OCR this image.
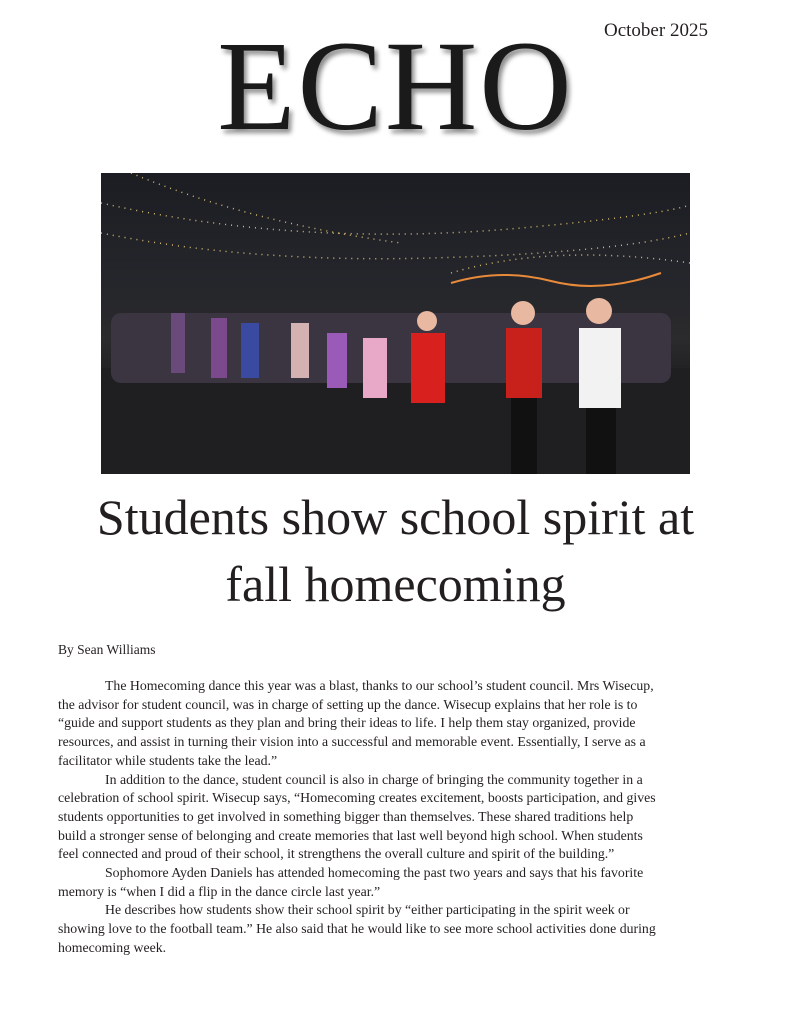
October 2025
ECHO
Students show school spirit at
fall homecoming
By Sean Williams
The Homecoming dance this year was a blast, thanks to our school’s student council. Mrs Wisecup,
the advisor for student council, was in charge of setting up the dance. Wisecup explains that her role is to
“guide and support students as they plan and bring their ideas to life. I help them stay organized, provide
resources, and assist in turning their vision into a successful and memorable event. Essentially, I serve as a
facilitator while students take the lead.”
In addition to the dance, student council is also in charge of bringing the community together in a
celebration of school spirit. Wisecup says, “Homecoming creates excitement, boosts participation, and gives
students opportunities to get involved in something bigger than themselves. These shared traditions help
build a stronger sense of belonging and create memories that last well beyond high school. When students
feel connected and proud of their school, it strengthens the overall culture and spirit of the building.”
Sophomore Ayden Daniels has attended homecoming the past two years and says that his favorite
memory is “when I did a flip in the dance circle last year.”
He describes how students show their school spirit by “either participating in the spirit week or
showing love to the football team.” He also said that he would like to see more school activities done during
homecoming week.
